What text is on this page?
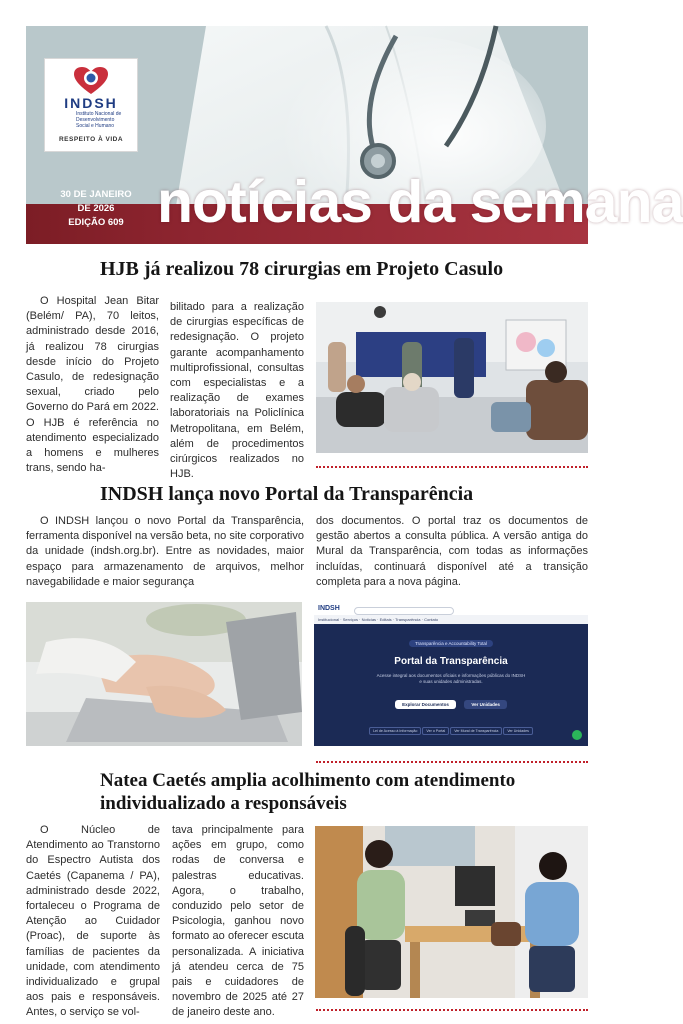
INDSH
Instituto Nacional de Desenvolvimento Social e Humano
RESPEITO À VIDA
30 DE JANEIRO
DE 2026
EDIÇÃO 609 notícias da semana
HJB já realizou 78 cirurgias em Projeto Casulo

O Hospital Jean Bitar (Belém/ PA), 70 leitos, administrado desde 2016, já realizou 78 cirurgias desde início do Projeto Casulo, de redesignação sexual, criado pelo Governo do Pará em 2022. O HJB é referência no atendimento especializado a homens e mulheres trans, sendo ha-

bilitado para a realização de cirurgias específicas de redesignação. O projeto garante acompanhamento multiprofissional, consultas com especialistas e a realização de exames laboratoriais na Policlínica Metropolitana, em Belém, além de procedimentos cirúrgicos realizados no HJB.

INDSH lança novo Portal da Transparência

O INDSH lançou o novo Portal da Transparência, ferramenta disponível na versão beta, no site corporativo da unidade (indsh.org.br). Entre as novidades, maior espaço para armazenamento de arquivos, melhor navegabilidade e maior segurança

dos documentos. O portal traz os documentos de gestão abertos a consulta pública. A versão antiga do Mural da Transparência, com todas as informações incluídas, continuará disponível até a transição completa para a nova página.

INDSH
Institucional · Serviços · Notícias · Editais · Transparência · Contato
Transparência e Accountability Total
Portal da Transparência
Acesse integral aos documentos oficiais e informações públicas do INDSH e suas unidades administradas.
Explorar Documentos	Ver Unidades
Lei de Acesso à Informação	Ver o Portal	Ver Mural de Transparência	Ver Unidades
Natea Caetés amplia acolhimento com atendimento
individualizado a responsáveis

O Núcleo de Atendimento ao Transtorno do Espectro Autista dos Caetés (Capanema / PA), administrado desde 2022, fortaleceu o Programa de Atenção ao Cuidador (Proac), de suporte às famílias de pacientes da unidade, com atendimento individualizado e grupal aos pais e responsáveis. Antes, o serviço se vol-

tava principalmente para ações em grupo, como rodas de conversa e palestras educativas. Agora, o trabalho, conduzido pelo setor de Psicologia, ganhou novo formato ao oferecer escuta personalizada. A iniciativa já atendeu cerca de 75 pais e cuidadores de novembro de 2025 até 27 de janeiro deste ano.
